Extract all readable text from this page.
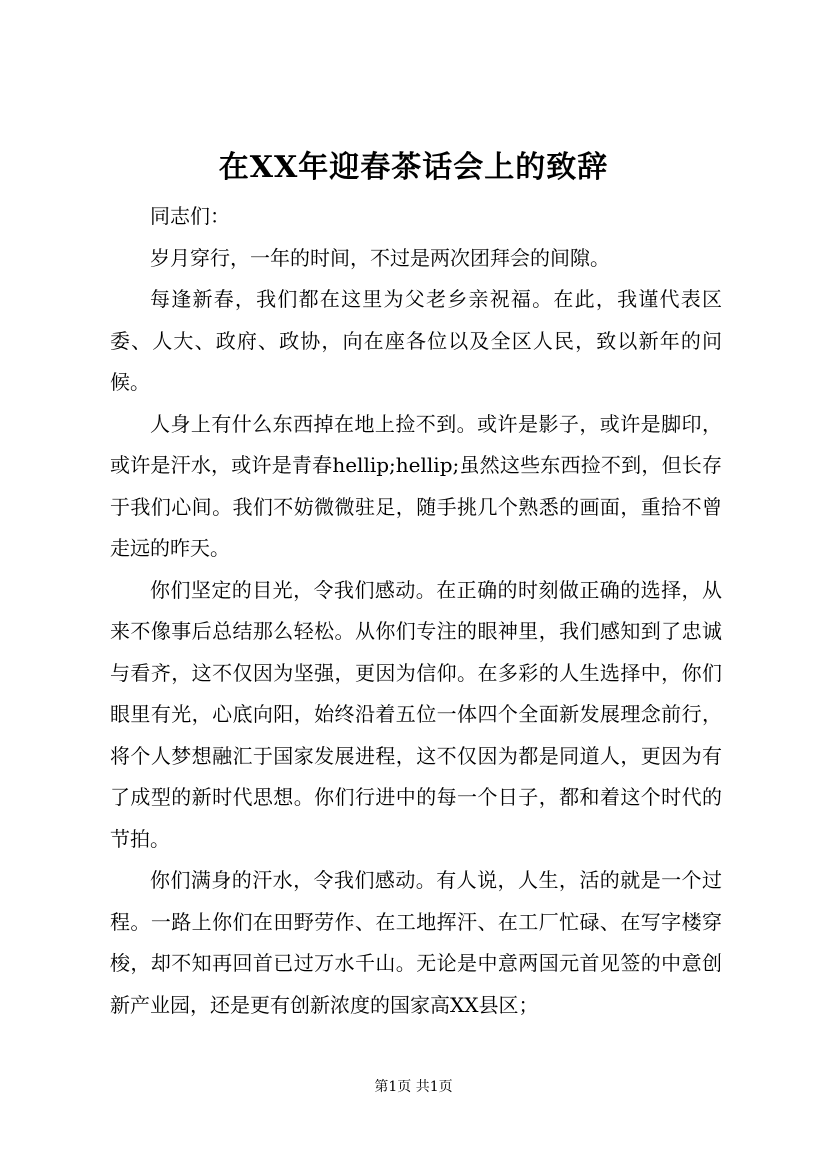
在XX年迎春茶话会上的致辞

同志们：

岁月穿行，一年的时间，不过是两次团拜会的间隙。

每逢新春，我们都在这里为父老乡亲祝福。在此，我谨代表区委、人大、政府、政协，向在座各位以及全区人民，致以新年的问候。

人身上有什么东西掉在地上捡不到。或许是影子，或许是脚印，或许是汗水，或许是青春hellip;hellip;虽然这些东西捡不到，但长存于我们心间。我们不妨微微驻足，随手挑几个熟悉的画面，重拾不曾走远的昨天。

你们坚定的目光，令我们感动。在正确的时刻做正确的选择，从来不像事后总结那么轻松。从你们专注的眼神里，我们感知到了忠诚与看齐，这不仅因为坚强，更因为信仰。在多彩的人生选择中，你们眼里有光，心底向阳，始终沿着五位一体四个全面新发展理念前行，将个人梦想融汇于国家发展进程，这不仅因为都是同道人，更因为有了成型的新时代思想。你们行进中的每一个日子，都和着这个时代的节拍。

你们满身的汗水，令我们感动。有人说，人生，活的就是一个过程。一路上你们在田野劳作、在工地挥汗、在工厂忙碌、在写字楼穿梭，却不知再回首已过万水千山。无论是中意两国元首见签的中意创新产业园，还是更有创新浓度的国家高XX县区；

第1页 共1页
